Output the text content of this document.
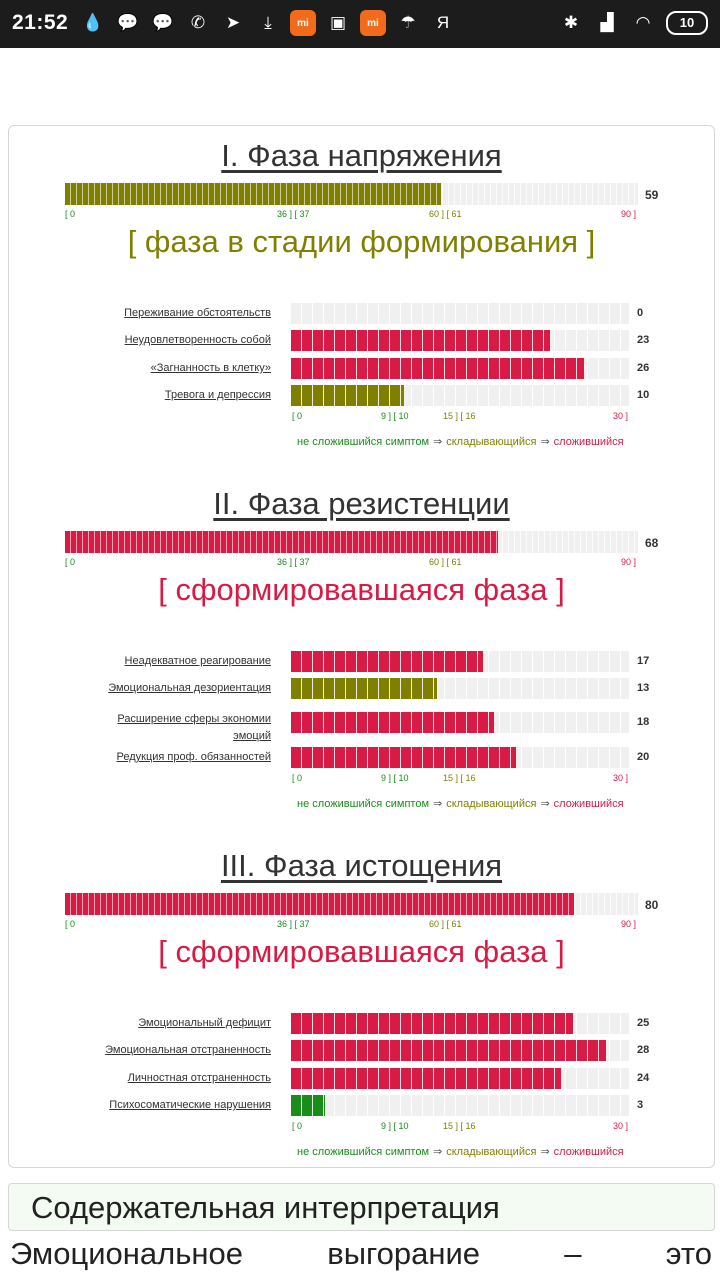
21:52 💧 💬 💬	✆	➤	⤓	mi	▣	mi	☂	Я	✱	▟	◠	10
I. Фаза напряжения
59
[ 0	36 ] [ 37	60 ] [ 61	90 ]
[ фаза в стадии формирования ]
Переживание обстоятельств	0
Неудовлетворенность собой	23
«Загнанность в клетку»	26
Тревога и депрессия	10
[ 0	9 ] [ 10	15 ] [ 16	30 ]
не сложившийся симптом ⇒ складывающийся ⇒ сложившийся
II. Фаза резистенции
68
[ 0	36 ] [ 37	60 ] [ 61	90 ]
[ сформировавшаяся фаза ]
Неадекватное реагирование	17
Эмоциональная дезориентация	13
Расширение сферы экономии эмоций
18
Редукция проф. обязанностей	20
[ 0	9 ] [ 10	15 ] [ 16	30 ]
не сложившийся симптом ⇒ складывающийся ⇒ сложившийся
III. Фаза истощения
80
[ 0	36 ] [ 37	60 ] [ 61	90 ]
[ сформировавшаяся фаза ]
Эмоциональный дефицит	25
Эмоциональная отстраненность	28
Личностная отстраненность	24
Психосоматические нарушения	3
[ 0	9 ] [ 10	15 ] [ 16	30 ]
не сложившийся симптом ⇒ складывающийся ⇒ сложившийся
Содержательная интерпретация
Эмоциональное	выгорание	–	это
